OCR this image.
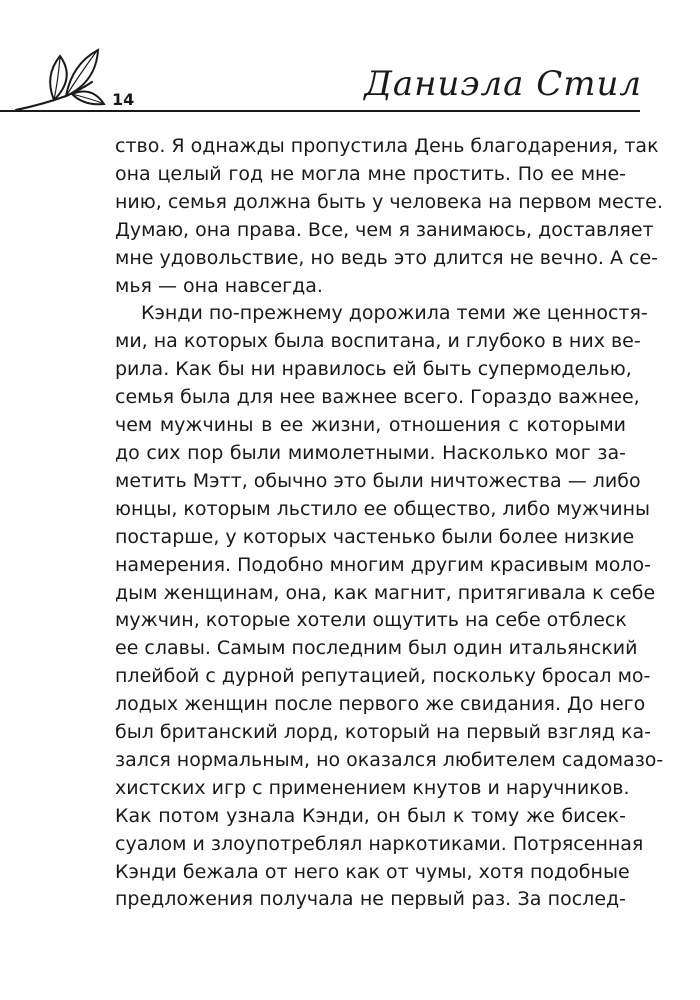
14	Даниэла Стил
ство. Я однажды пропустила День благодарения, так
она целый год не могла мне простить. По ее мне-
нию, семья должна быть у человека на первом месте.
Думаю, она права. Все, чем я занимаюсь, доставляет
мне удовольствие, но ведь это длится не вечно. А се-
мья — она навсегда.
Кэнди по-прежнему дорожила теми же ценностя-
ми, на которых была воспитана, и глубоко в них ве-
рила. Как бы ни нравилось ей быть супермоделью,
семья была для нее важнее всего. Гораздо важнее,
чем мужчины в ее жизни, отношения с которыми
до сих пор были мимолетными. Насколько мог за-
метить Мэтт, обычно это были ничтожества — либо
юнцы, которым льстило ее общество, либо мужчины
постарше, у которых частенько были более низкие
намерения. Подобно многим другим красивым моло-
дым женщинам, она, как магнит, притягивала к себе
мужчин, которые хотели ощутить на себе отблеск
ее славы. Самым последним был один итальянский
плейбой с дурной репутацией, поскольку бросал мо-
лодых женщин после первого же свидания. До него
был британский лорд, который на первый взгляд ка-
зался нормальным, но оказался любителем садомазо-
хистских игр с применением кнутов и наручников.
Как потом узнала Кэнди, он был к тому же бисек-
суалом и злоупотреблял наркотиками. Потрясенная
Кэнди бежала от него как от чумы, хотя подобные
предложения получала не первый раз. За послед-
